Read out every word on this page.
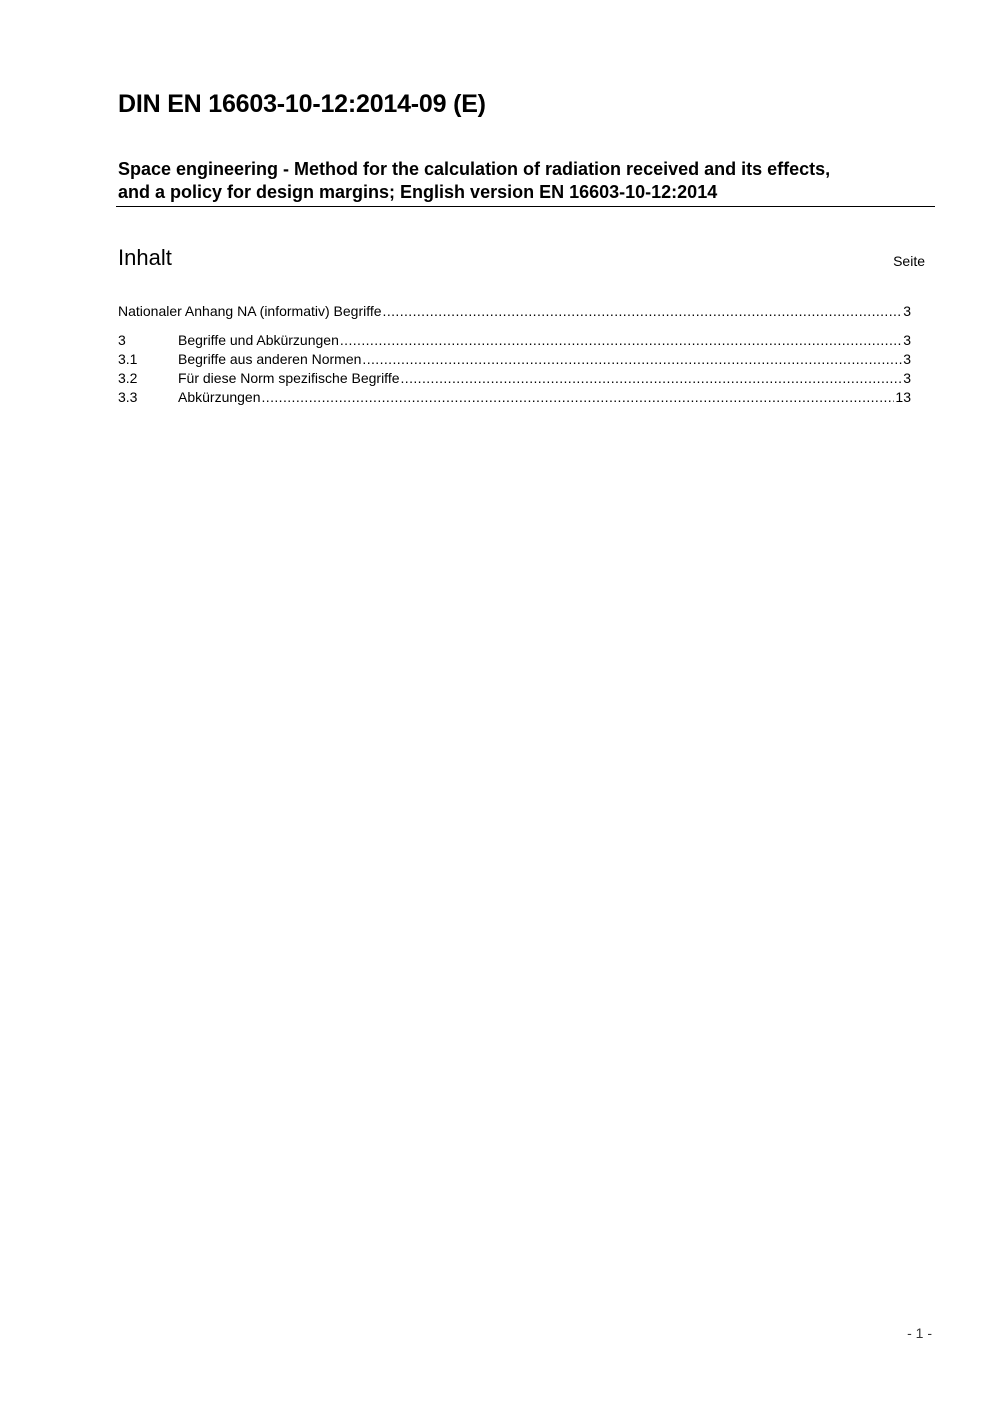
DIN EN 16603-10-12:2014-09 (E)
Space engineering - Method for the calculation of radiation received and its effects,
and a policy for design margins; English version EN 16603-10-12:2014
Inhalt	Seite
Nationaler Anhang NA (informativ) Begriffe .....	3
3	Begriffe und Abkürzungen .....	3
3.1	Begriffe aus anderen Normen .....	3
3.2	Für diese Norm spezifische Begriffe .....	3
3.3	Abkürzungen .....	13
- 1 -
